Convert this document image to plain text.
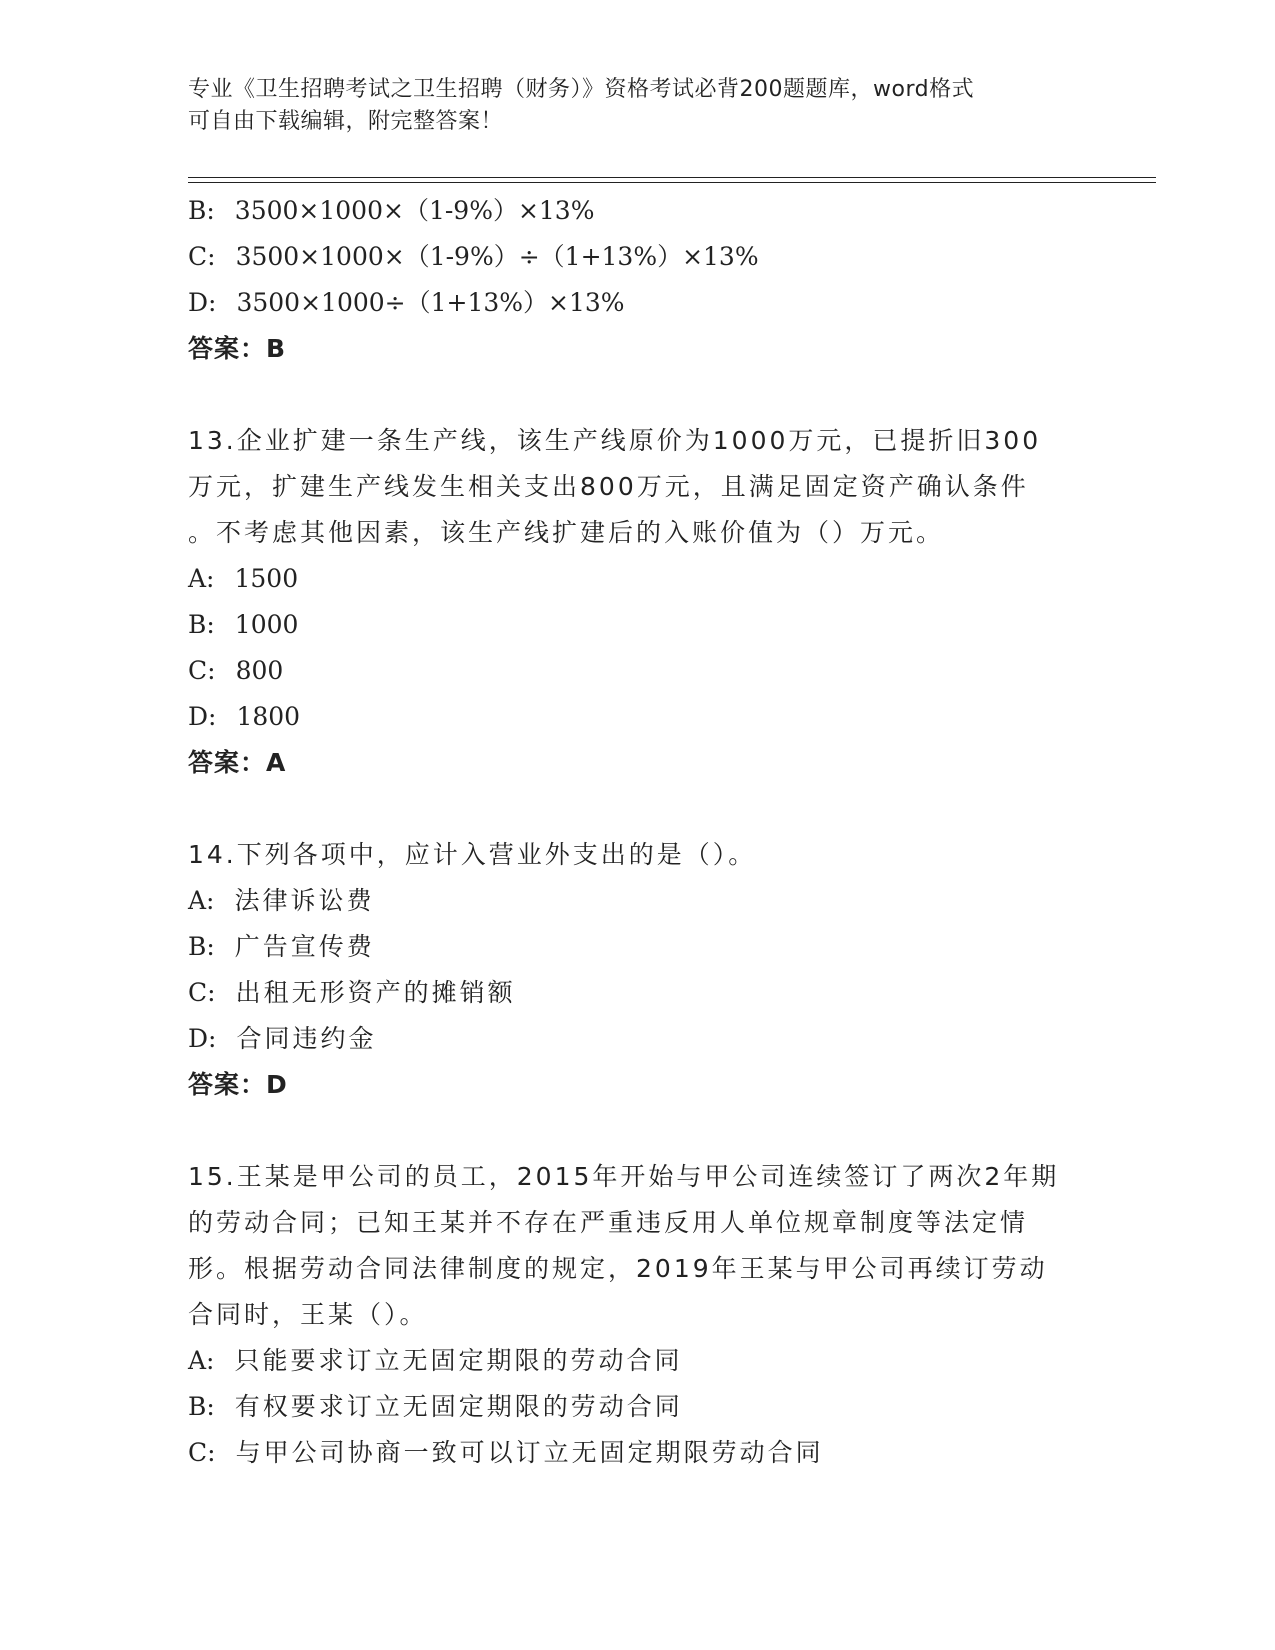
专业《卫生招聘考试之卫生招聘（财务）》资格考试必背200题题库，word格式
可自由下载编辑，附完整答案！
B: 3500×1000×（1-9%）×13%
C: 3500×1000×（1-9%）÷（1+13%）×13%
D: 3500×1000÷（1+13%）×13%
答案：B
13.企业扩建一条生产线，该生产线原价为1000万元，已提折旧300
万元，扩建生产线发生相关支出800万元，且满足固定资产确认条件
。不考虑其他因素，该生产线扩建后的入账价值为（）万元。
A: 1500
B: 1000
C: 800
D: 1800
答案：A
14.下列各项中，应计入营业外支出的是（）。
A: 法律诉讼费
B: 广告宣传费
C: 出租无形资产的摊销额
D: 合同违约金
答案：D
15.王某是甲公司的员工，2015年开始与甲公司连续签订了两次2年期
的劳动合同；已知王某并不存在严重违反用人单位规章制度等法定情
形。根据劳动合同法律制度的规定，2019年王某与甲公司再续订劳动
合同时，王某（）。
A: 只能要求订立无固定期限的劳动合同
B: 有权要求订立无固定期限的劳动合同
C: 与甲公司协商一致可以订立无固定期限劳动合同
